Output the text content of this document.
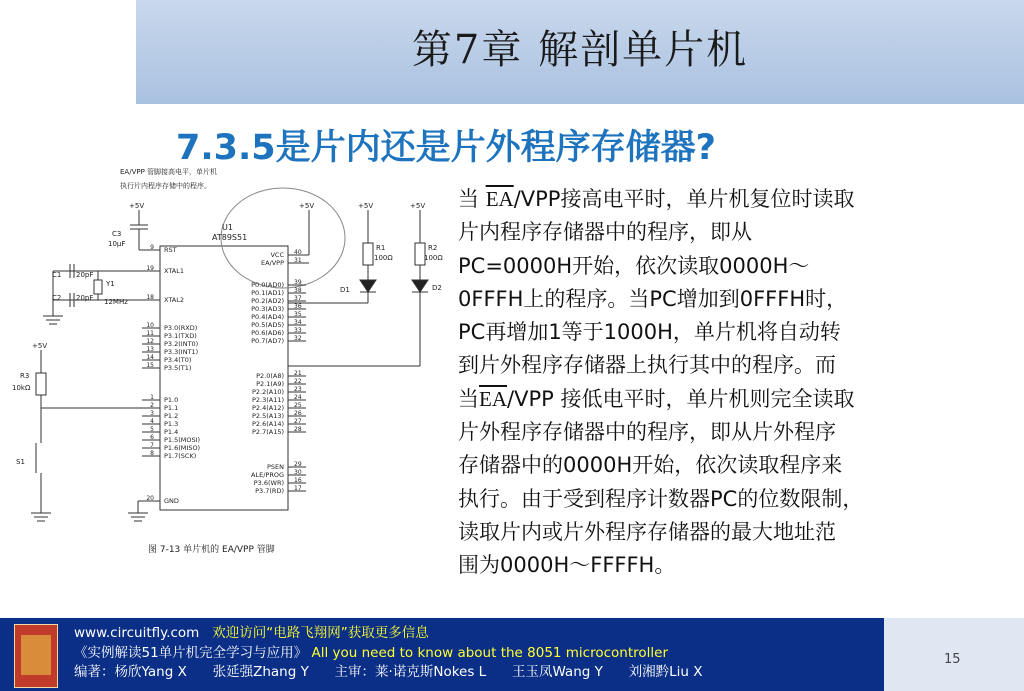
第7章 解剖单片机
7.3.5是片内还是片外程序存储器?
当 $\overline{EA}$/VPP接高电平时，单片机复位时读取
片内程序存储器中的程序，即从
PC=0000H开始，依次读取0000H～
0FFFH上的程序。当PC增加到0FFFH时，
PC再增加1等于1000H，单片机将自动转
到片外程序存储器上执行其中的程序。而
当$\overline{EA}$/VPP 接低电平时，单片机则完全读取
片外程序存储器中的程序，即从片外程序
存储器中的0000H开始，依次读取程序来
执行。由于受到程序计数器PC的位数限制，
读取片内或片外程序存储器的最大地址范
围为0000H～FFFFH。
9 RST
19 XTAL1
18 XTAL2
10 P3.0(RXD)
11 P3.1(TXD)
12 P3.2(INT0)
13 P3.3(INT1)
14 P3.4(T0)
15 P3.5(T1)
1 P1.0
2 P1.1
3 P1.2
4 P1.3
5 P1.4
6 P1.5(MOSI)
7 P1.6(MISO)
8 P1.7(SCK)
20 GND
40
VCC
31
EA/VPP
39
P0.0(AD0)
38
P0.1(AD1)
37
P0.2(AD2)
36
P0.3(AD3)
35
P0.4(AD4)
34
P0.5(AD5)
33
P0.6(AD6)
32
P0.7(AD7)
21
P2.0(A8)
22
P2.1(A9)
23
P2.2(A10)
24
P2.3(A11)
25
P2.4(A12)
26
P2.5(A13)
27
P2.6(A14)
28
P2.7(A15)
29
PSEN
30
ALE/PROG
16
P3.6(WR)
17
P3.7(RD)
EA/VPP 管脚接高电平，单片机
执行片内程序存储中的程序。
U1
AT89S51
+5V	+5V	+5V	+5V
+5V
C3
10μF
C1 20pF
C2 20pF
Y1
12MHz
R3
10kΩ
R1
100Ω
R2
100Ω
D1	D2
S1
图 7-13 单片机的 EA/VPP 管脚
www.circuitfly.com 欢迎访问“电路飞翔网”获取更多信息
《实例解读51单片机完全学习与应用》 All you need to know about the 8051 microcontroller
编著：杨欣Yang X      张延强Zhang Y      主审：莱·诺克斯Nokes L      王玉凤Wang Y      刘湘黔Liu X
15
